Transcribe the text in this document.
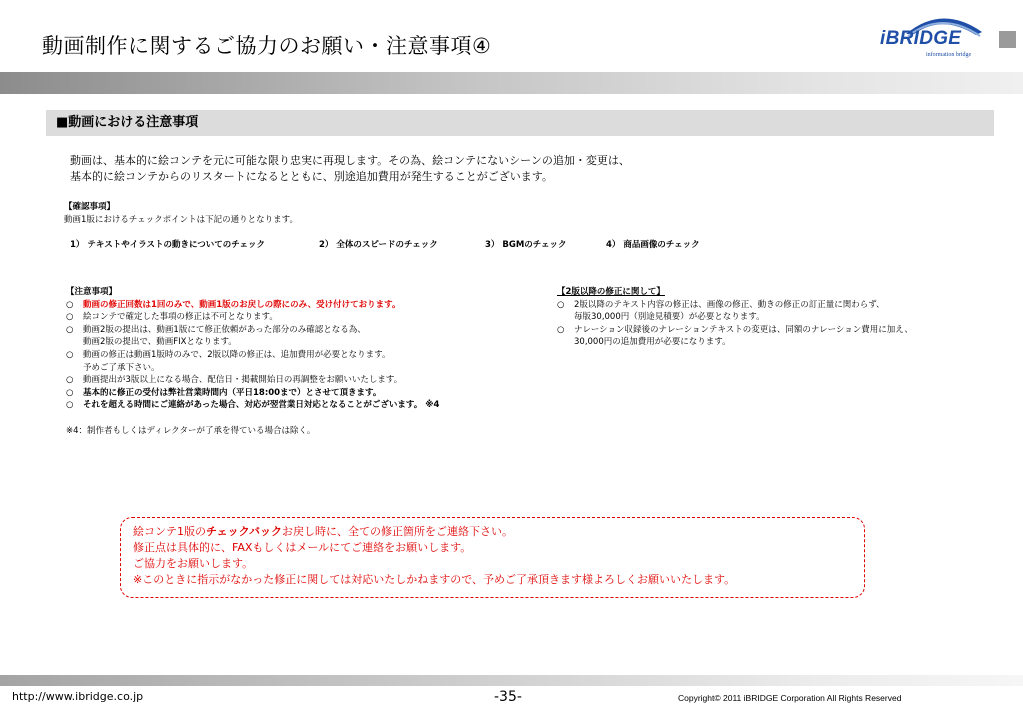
動画制作に関するご協力のお願い・注意事項④	iBRIDGE
information bridge
■動画における注意事項
動画は、基本的に絵コンテを元に可能な限り忠実に再現します。その為、絵コンテにないシーンの追加・変更は、
基本的に絵コンテからのリスタートになるとともに、別途追加費用が発生することがございます。
【確認事項】
動画1版におけるチェックポイントは下記の通りとなります。
1） テキストやイラストの動きについてのチェック	2） 全体のスピードのチェック	3） BGMのチェック	4） 商品画像のチェック
【注意事項】
○	動画の修正回数は1回のみで、動画1版のお戻しの際にのみ、受け付けております。
○	絵コンテで確定した事項の修正は不可となります。
○	動画2版の提出は、動画1版にて修正依頼があった部分のみ確認となる為、
動画2版の提出で、動画FIXとなります。
○	動画の修正は動画1版時のみで、2版以降の修正は、追加費用が必要となります。
予めご了承下さい。
○	動画提出が3版以上になる場合、配信日・掲載開始日の再調整をお願いいたします。
○	基本的に修正の受付は弊社営業時間内（平日18:00まで）とさせて頂きます。
○	それを超える時間にご連絡があった場合、対応が翌営業日対応となることがございます。 ※4
※4：制作者もしくはディレクターが了承を得ている場合は除く。
【2版以降の修正に関して】
○	2版以降のテキスト内容の修正は、画像の修正、動きの修正の訂正量に関わらず、
毎版30,000円（別途見積要）が必要となります。
○	ナレーション収録後のナレーションテキストの変更は、同額のナレーション費用に加え、
30,000円の追加費用が必要になります。
絵コンテ1版のチェックバックお戻し時に、全ての修正箇所をご連絡下さい。
修正点は具体的に、FAXもしくはメールにてご連絡をお願いします。
ご協力をお願いします。
※このときに指示がなかった修正に関しては対応いたしかねますので、予めご了承頂きます様よろしくお願いいたします。
http://www.ibridge.co.jp	-35-	Copyright© 2011 iBRIDGE Corporation All Rights Reserved
